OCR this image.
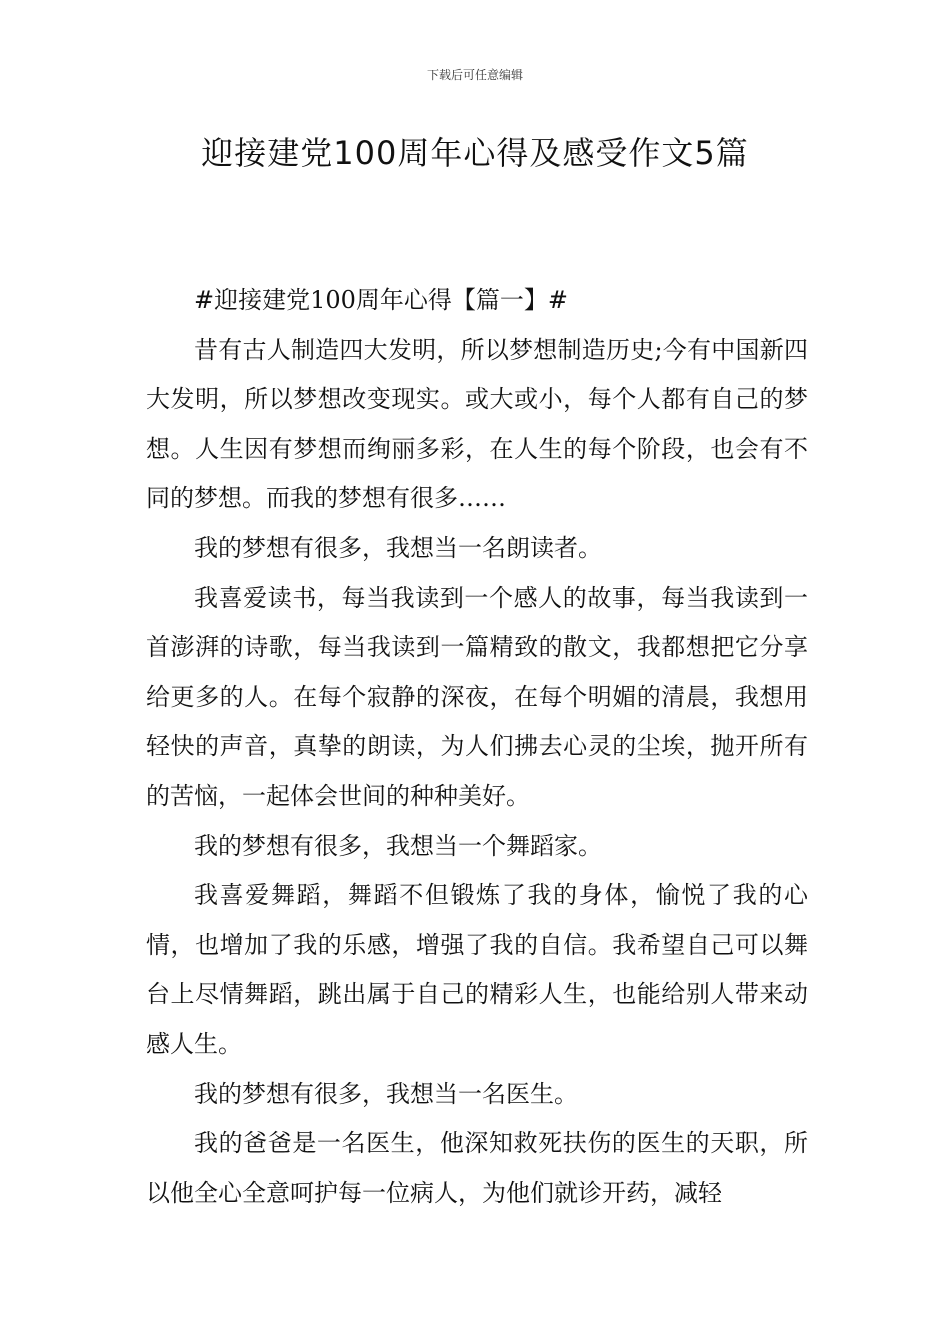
下载后可任意编辑
迎接建党100周年心得及感受作文5篇

#迎接建党100周年心得【篇一】#

昔有古人制造四大发明，所以梦想制造历史;今有中国新四大发明，所以梦想改变现实。或大或小，每个人都有自己的梦想。人生因有梦想而绚丽多彩，在人生的每个阶段，也会有不同的梦想。而我的梦想有很多……

我的梦想有很多，我想当一名朗读者。

我喜爱读书，每当我读到一个感人的故事，每当我读到一首澎湃的诗歌，每当我读到一篇精致的散文，我都想把它分享给更多的人。在每个寂静的深夜，在每个明媚的清晨，我想用轻快的声音，真挚的朗读，为人们拂去心灵的尘埃，抛开所有的苦恼，一起体会世间的种种美好。

我的梦想有很多，我想当一个舞蹈家。

我喜爱舞蹈，舞蹈不但锻炼了我的身体，愉悦了我的心情，也增加了我的乐感，增强了我的自信。我希望自己可以舞台上尽情舞蹈，跳出属于自己的精彩人生，也能给别人带来动感人生。

我的梦想有很多，我想当一名医生。

我的爸爸是一名医生，他深知救死扶伤的医生的天职，所以他全心全意呵护每一位病人，为他们就诊开药，减轻
